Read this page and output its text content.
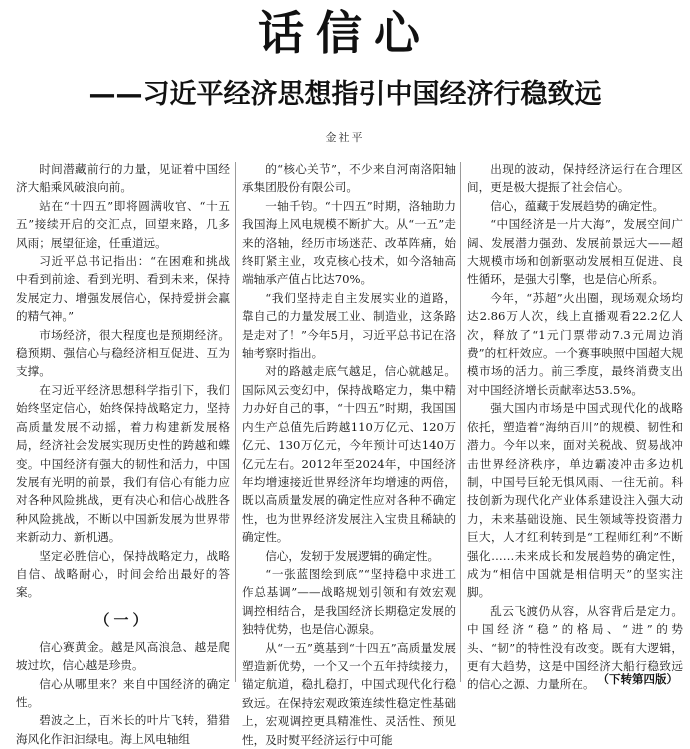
话信心
——习近平经济思想指引中国经济行稳致远
金社平

时间潜藏前行的力量，见证着中国经济大船乘风破浪向前。

站在“十四五”即将圆满收官、“十五五”接续开启的交汇点，回望来路，几多风雨；展望征途，任重道远。

习近平总书记指出：“在困难和挑战中看到前途、看到光明、看到未来，保持发展定力、增强发展信心，保持爱拼会赢的精气神。”

市场经济，很大程度也是预期经济。稳预期、强信心与稳经济相互促进、互为支撑。

在习近平经济思想科学指引下，我们始终坚定信心，始终保持战略定力，坚持高质量发展不动摇，着力构建新发展格局，经济社会发展实现历史性的跨越和蝶变。中国经济有强大的韧性和活力，中国发展有光明的前景，我们有信心有能力应对各种风险挑战，更有决心和信心战胜各种风险挑战，不断以中国新发展为世界带来新动力、新机遇。

坚定必胜信心，保持战略定力，战略自信、战略耐心，时间会给出最好的答案。

（一）

信心赛黄金。越是风高浪急、越是爬坡过坎，信心越是珍贵。

信心从哪里来？来自中国经济的确定性。

碧波之上，百米长的叶片飞转，猎猎海风化作汩汩绿电。海上风电轴组

的“核心关节”，不少来自河南洛阳轴承集团股份有限公司。

一轴千钧。“十四五”时期，洛轴助力我国海上风电规模不断扩大。从“一五”走来的洛轴，经历市场迷茫、改革阵痛，始终盯紧主业，攻克核心技术，如今洛轴高端轴承产值占比达70%。

“我们坚持走自主发展实业的道路，靠自己的力量发展工业、制造业，这条路是走对了！”今年5月，习近平总书记在洛轴考察时指出。

对的路越走底气越足，信心就越足。国际风云变幻中，保持战略定力，集中精力办好自己的事，“十四五”时期，我国国内生产总值先后跨越110万亿元、120万亿元、130万亿元，今年预计可达140万亿元左右。2012年至2024年，中国经济年均增速接近世界经济年均增速的两倍，既以高质量发展的确定性应对各种不确定性，也为世界经济发展注入宝贵且稀缺的确定性。

信心，发轫于发展逻辑的确定性。

“一张蓝图绘到底”“坚持稳中求进工作总基调”——战略规划引领和有效宏观调控相结合，是我国经济长期稳定发展的独特优势，也是信心源泉。

从“一五”奠基到“十四五”高质量发展塑造新优势，一个又一个五年持续接力，锚定航道，稳扎稳打，中国式现代化行稳致远。在保持宏观政策连续性稳定性基础上，宏观调控更具精准性、灵活性、预见性，及时熨平经济运行中可能

出现的波动，保持经济运行在合理区间，更是极大提振了社会信心。

信心，蕴藏于发展趋势的确定性。

“中国经济是一片大海”，发展空间广阔、发展潜力强劲、发展前景远大——超大规模市场和创新驱动发展相互促进、良性循环，是强大引擎，也是信心所系。

今年，“苏超”火出圈，现场观众场均达2.86万人次，线上直播观看22.2亿人次，释放了“1元门票带动7.3元周边消费”的杠杆效应。一个赛事映照中国超大规模市场的活力。前三季度，最终消费支出对中国经济增长贡献率达53.5%。

强大国内市场是中国式现代化的战略依托，塑造着“海纳百川”的规模、韧性和潜力。今年以来，面对关税战、贸易战冲击世界经济秩序，单边霸凌冲击多边机制，中国号巨轮无惧风雨、一往无前。科技创新为现代化产业体系建设注入强大动力，未来基础设施、民生领域等投资潜力巨大，人才红利转到是“工程师红利”不断强化……未来成长和发展趋势的确定性，成为“相信中国就是相信明天”的坚实注脚。

乱云飞渡仍从容，从容背后是定力。中国经济“稳”的格局、“进”的势头、“韧”的特性没有改变。既有大逻辑，更有大趋势，这是中国经济大船行稳致远的信心之源、力量所在。 （下转第四版）
